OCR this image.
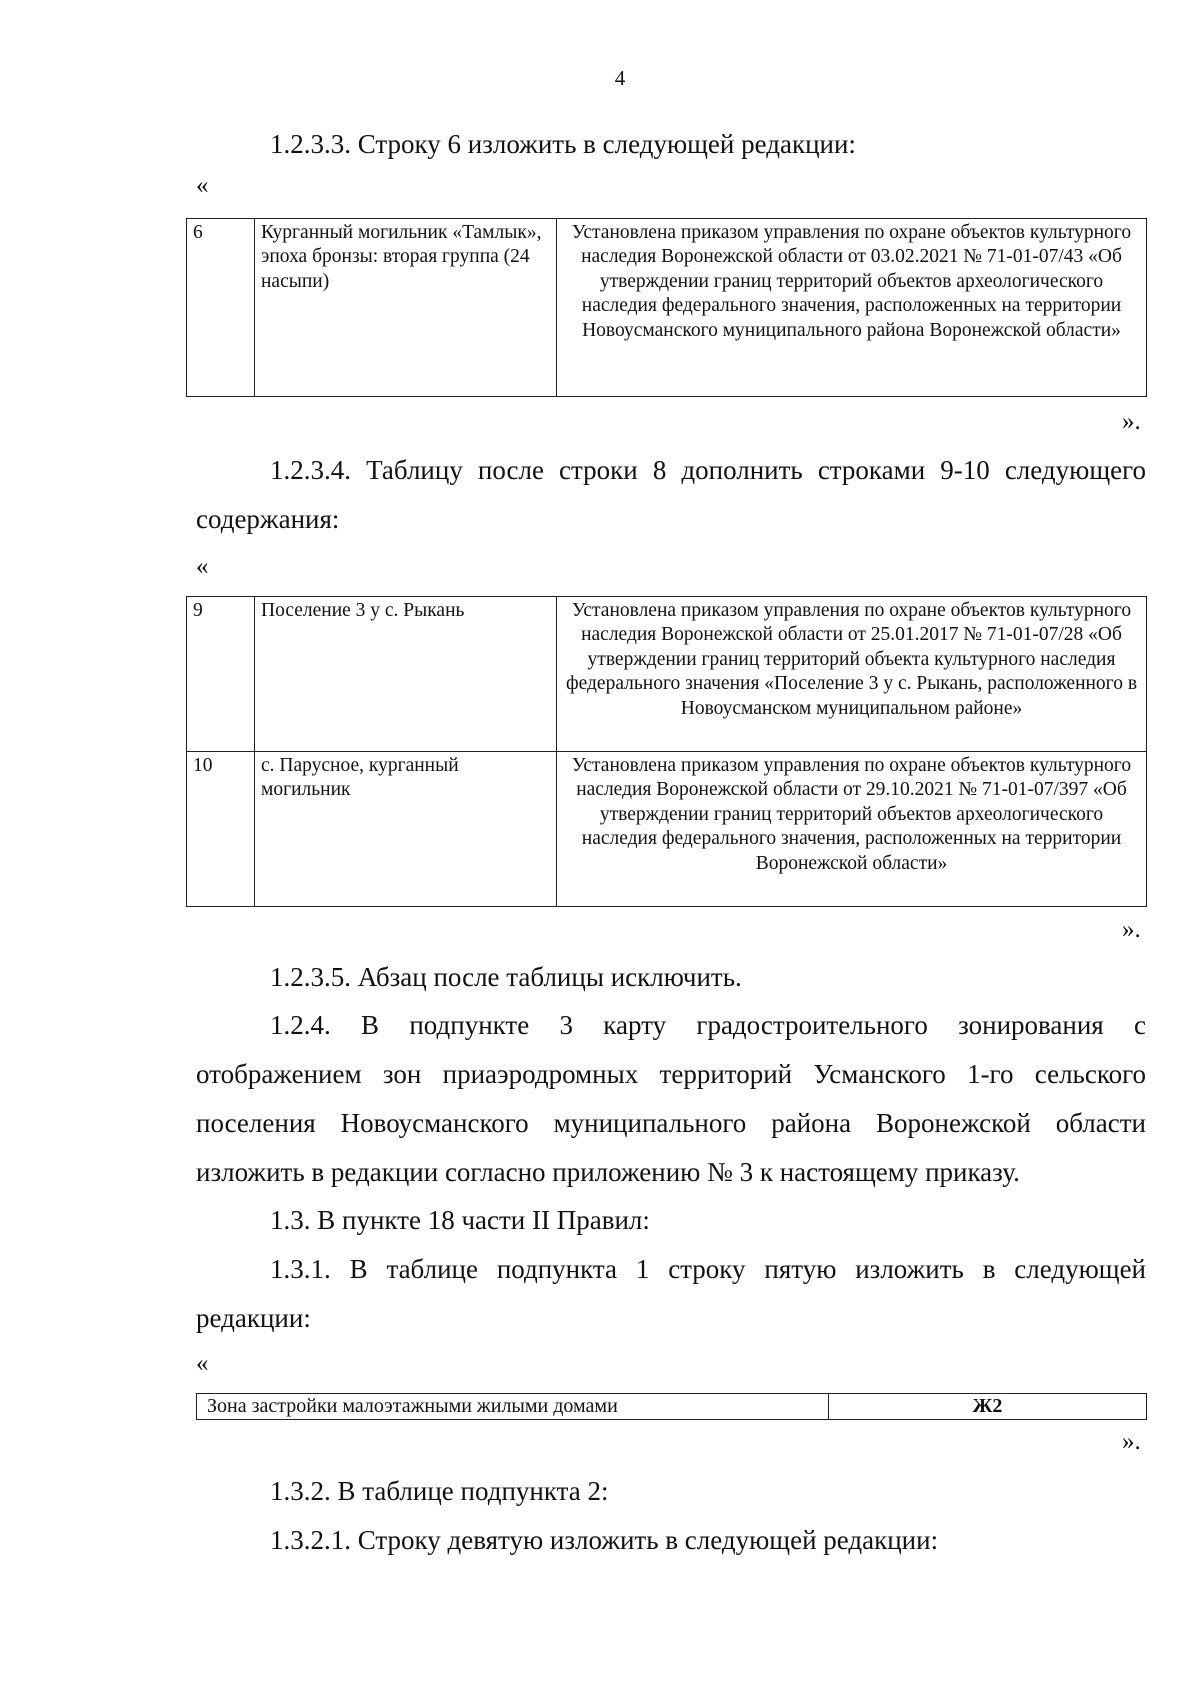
4
1.2.3.3. Строку 6 изложить в следующей редакции:
«
6	Курганный могильник «Тамлык», эпоха бронзы: вторая группа (24 насыпи)	Установлена приказом управления по охране объектов культурного наследия Воронежской области от 03.02.2021 № 71-01-07/43 «Об утверждении границ территорий объектов археологического наследия федерального значения, расположенных на территории Новоусманского муниципального района Воронежской области»
».
1.2.3.4. Таблицу после строки 8 дополнить строками 9-10 следующего
содержания:
«
9	Поселение 3 у с. Рыкань	Установлена приказом управления по охране объектов культурного наследия Воронежской области от 25.01.2017 № 71-01-07/28 «Об утверждении границ территорий объекта культурного наследия федерального значения «Поселение 3 у с. Рыкань, расположенного в Новоусманском муниципальном районе»
10	с. Парусное, курганный могильник	Установлена приказом управления по охране объектов культурного наследия Воронежской области от 29.10.2021 № 71-01-07/397 «Об утверждении границ территорий объектов археологического наследия федерального значения, расположенных на территории Воронежской области»
».
1.2.3.5. Абзац после таблицы исключить.
1.2.4. В подпункте 3 карту градостроительного зонирования с
отображением зон приаэродромных территорий Усманского 1-го сельского
поселения Новоусманского муниципального района Воронежской области
изложить в редакции согласно приложению № 3 к настоящему приказу.
1.3. В пункте 18 части II Правил:
1.3.1. В таблице подпункта 1 строку пятую изложить в следующей
редакции:
«
Зона застройки малоэтажными жилыми домами	Ж2
».
1.3.2. В таблице подпункта 2:
1.3.2.1. Строку девятую изложить в следующей редакции:
